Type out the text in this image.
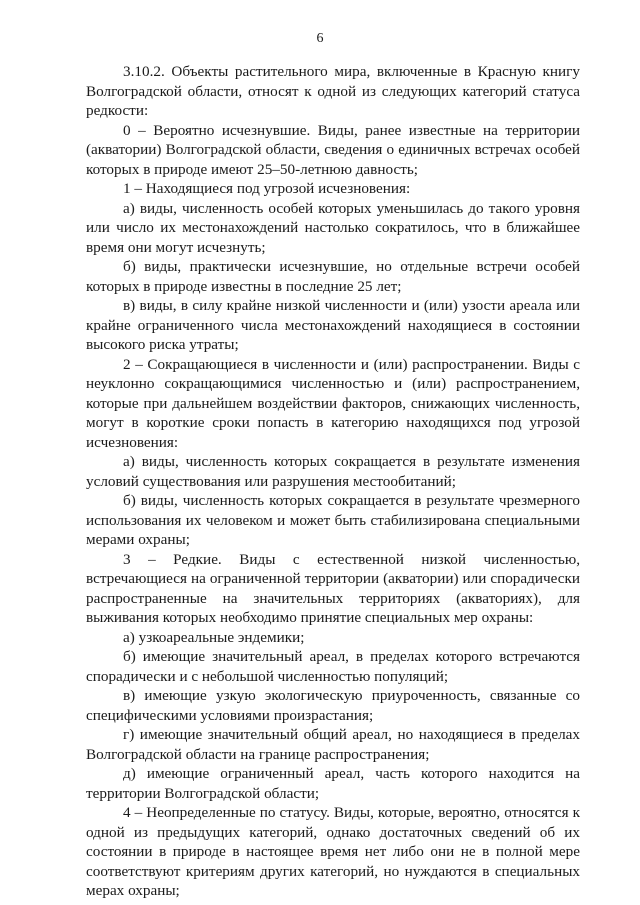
6

3.10.2. Объекты растительного мира, включенные в Красную книгу Волгоградской области, относят к одной из следующих категорий статуса редкости:

0 – Вероятно исчезнувшие. Виды, ранее известные на территории (акватории) Волгоградской области, сведения о единичных встречах особей которых в природе имеют 25–50-летнюю давность;

1 – Находящиеся под угрозой исчезновения:

а) виды, численность особей которых уменьшилась до такого уровня или число их местонахождений настолько сократилось, что в ближайшее время они могут исчезнуть;

б) виды, практически исчезнувшие, но отдельные встречи особей которых в природе известны в последние 25 лет;

в) виды, в силу крайне низкой численности и (или) узости ареала или крайне ограниченного числа местонахождений находящиеся в состоянии высокого риска утраты;

2 – Сокращающиеся в численности и (или) распространении. Виды с неуклонно сокращающимися численностью и (или) распространением, которые при дальнейшем воздействии факторов, снижающих численность, могут в короткие сроки попасть в категорию находящихся под угрозой исчезновения:

а) виды, численность которых сокращается в результате изменения условий существования или разрушения местообитаний;

б) виды, численность которых сокращается в результате чрезмерного использования их человеком и может быть стабилизирована специальными мерами охраны;

3 – Редкие. Виды с естественной низкой численностью, встречающиеся на ограниченной территории (акватории) или спорадически распространенные на значительных территориях (акваториях), для выживания которых необходимо принятие специальных мер охраны:

а) узкоареальные эндемики;

б) имеющие значительный ареал, в пределах которого встречаются спорадически и с небольшой численностью популяций;

в) имеющие узкую экологическую приуроченность, связанные со специфическими условиями произрастания;

г) имеющие значительный общий ареал, но находящиеся в пределах Волгоградской области на границе распространения;

д) имеющие ограниченный ареал, часть которого находится на территории Волгоградской области;

4 – Неопределенные по статусу. Виды, которые, вероятно, относятся к одной из предыдущих категорий, однако достаточных сведений об их состоянии в природе в настоящее время нет либо они не в полной мере соответствуют критериям других категорий, но нуждаются в специальных мерах охраны;
